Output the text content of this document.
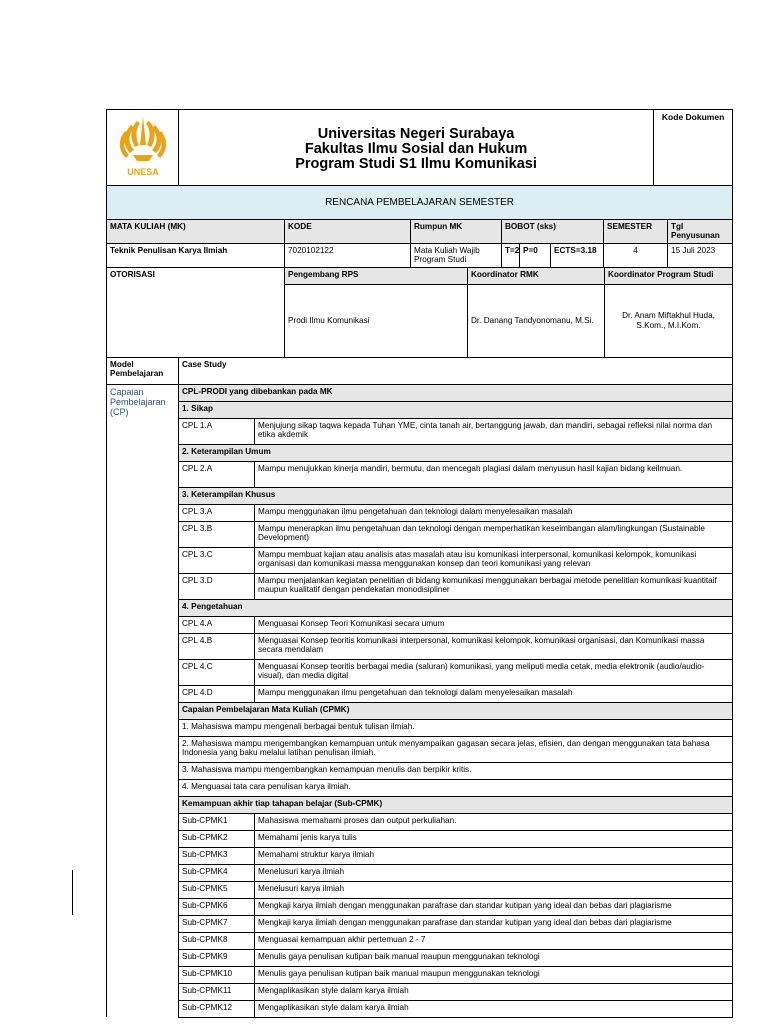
UNESA

Universitas Negeri Surabaya
Fakultas Ilmu Sosial dan Hukum
Program Studi S1 Ilmu Komunikasi
	Kode Dokumen
RENCANA PEMBELAJARAN SEMESTER
MATA KULIAH (MK)	KODE	Rumpun MK	BOBOT (sks)			SEMESTER	Tgl Penyusunan
Teknik Penulisan Karya Ilmiah	7020102122	Mata Kuliah Wajib Program Studi	T=2	P=0	ECTS=3.18	4	15 Juli 2023
OTORISASI	Pengembang RPS	Koordinator RMK	Koordinator Program Studi
	Prodi Ilmu Komunikasi	Dr. Danang Tandyonomanu, M.Si.	Dr. Anam Miftakhul Huda, S.Kom., M.I.Kom.
Model Pembelajaran	Case Study	
Capaian Pembelajaran (CP)	CPL-PRODI yang dibebankan pada MK	
	1. Sikap	
	CPL 1.A	Menjujung sikap taqwa kepada Tuhan YME, cinta tanah air, bertanggung jawab, dan mandiri, sebagai refleksi nilai norma dan etika akdemik
	2. Keterampilan Umum	
	CPL 2.A	Mampu menujukkan kinerja mandiri, bermutu, dan mencegah plagiasi dalam menyusun hasil kajian bidang keilmuan.
	3. Keterampilan Khusus	
	CPL 3.A	Mampu menggunakan ilmu pengetahuan dan teknologi dalam menyelesaikan masalah
	CPL 3.B	Mampu menerapkan ilmu pengetahuan dan teknologi dengan memperhatikan keseimbangan alam/lingkungan (Sustainable Development)
	CPL 3.C	Mampu membuat kajian atau analisis atas masalah atau isu komunikasi interpersonal, komunikasi kelompok, komunikasi organisasi dan komunikasi massa menggunakan konsep dan teori komunikasi yang relevan
	CPL 3.D	Mampu menjalankan kegiatan penelitian di bidang komunikasi menggunakan berbagai metode penelitian komunikasi kuantitaif maupun kualitatif dengan pendekatan monodisipliner
	4. Pengetahuan	
	CPL 4.A	Menguasai Konsep Teori Komunikasi secara umum
	CPL 4.B	Menguasai Konsep teoritis komunikasi interpersonal, komunikasi kelompok, komunikasi organisasi, dan Komunikasi massa secara mendalam
	CPL 4.C	Menguasai Konsep teoritis berbagai media (saluran) komunikasi, yang meliputi media cetak, media elektronik (audio/audio-visual), dan media digital
	CPL 4.D	Mampu menggunakan ilmu pengetahuan dan teknologi dalam menyelesaikan masalah
	Capaian Pembelajaran Mata Kuliah (CPMK)	
	1. Mahasiswa mampu mengenali berbagai bentuk tulisan ilmiah.	
	2. Mahasiswa mampu mengembangkan kemampuan untuk menyampaikan gagasan secara jelas, efisien, dan dengan menggunakan tata bahasa Indonesia yang baku melalui latihan penulisan ilmiah.	
	3. Mahasiswa mampu mengembangkan kemampuan menulis dan berpikir kritis.	
	4. Menguasai tata cara penulisan karya ilmiah.	
	Kemampuan akhir tiap tahapan belajar (Sub-CPMK)	
	Sub-CPMK1	Mahasiswa memahami proses dan output perkuliahan.
	Sub-CPMK2	Memahami jenis karya tulis
	Sub-CPMK3	Memahami struktur karya ilmiah
	Sub-CPMK4	Menelusuri karya ilmiah
	Sub-CPMK5	Menelusuri karya ilmiah
	Sub-CPMK6	Mengkaji karya ilmiah dengan menggunakan parafrase dan standar kutipan yang ideal dan bebas dari plagiarisme
	Sub-CPMK7	Mengkaji karya ilmiah dengan menggunakan parafrase dan standar kutipan yang ideal dan bebas dari plagiarisme
	Sub-CPMK8	Menguasai kemampuan akhir pertemuan 2 - 7
	Sub-CPMK9	Menulis gaya penulisan kutipan baik manual maupun menggunakan teknologi
	Sub-CPMK10	Menulis gaya penulisan kutipan baik manual maupun menggunakan teknologi
	Sub-CPMK11	Mengaplikasikan style dalam karya ilmiah
	Sub-CPMK12	Mengaplikasikan style dalam karya ilmiah
